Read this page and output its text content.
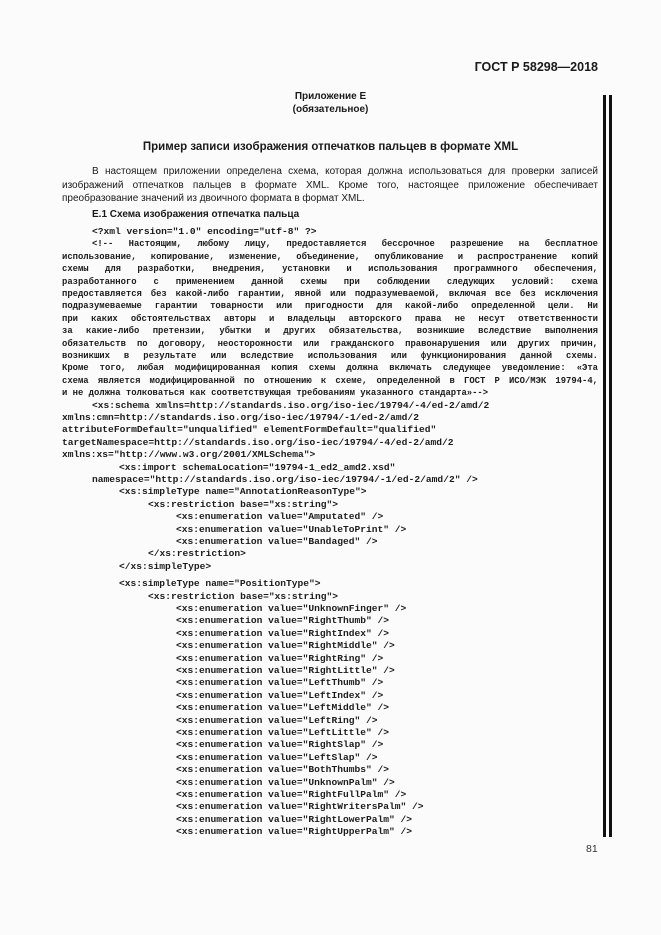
ГОСТ Р 58298—2018
Приложение Е
(обязательное)
Пример записи изображения отпечатков пальцев в формате XML
В настоящем приложении определена схема, которая должна использоваться для проверки записей изображений отпечатков пальцев в формате XML. Кроме того, настоящее приложение обеспечивает преобразование значений из двоичного формата в формат XML.
Е.1 Схема изображения отпечатка пальца
<?xml version="1.0" encoding="utf-8" ?>
<!-- Настоящим, любому лицу, предоставляется бессрочное разрешение на бесплатное
использование, копирование, изменение, объединение, опубликование и распространение копий
схемы для разработки, внедрения, установки и использования программного обеспечения,
разработанного с применением данной схемы при соблюдении следующих условий: схема
предоставляется без какой-либо гарантии, явной или подразумеваемой, включая все без исключения
подразумеваемые гарантии товарности или пригодности для какой-либо определенной цели. Ни
при каких обстоятельствах авторы и владельцы авторского права не несут ответственности
за какие-либо претензии, убытки и других обязательства, возникшие вследствие выполнения
обязательств по договору, неосторожности или гражданского правонарушения или других причин,
возникших в результате или вследствие использования или функционирования данной схемы.
Кроме того, любая модифицированная копия схемы должна включать следующее уведомление: «Эта
схема является модифицированной по отношению к схеме, определенной в ГОСТ Р ИСО/МЭК 19794-4,
и не должна толковаться как соответствующая требованиям указанного стандарта»-->
<xs:schema xmlns=http://standards.iso.org/iso-iec/19794/-4/ed-2/amd/2
xmlns:cmn=http://standards.iso.org/iso-iec/19794/-1/ed-2/amd/2
attributeFormDefault="unqualified" elementFormDefault="qualified"
targetNamespace=http://standards.iso.org/iso-iec/19794/-4/ed-2/amd/2
xmlns:xs="http://www.w3.org/2001/XMLSchema">
<xs:import schemaLocation="19794-1_ed2_amd2.xsd"
namespace="http://standards.iso.org/iso-iec/19794/-1/ed-2/amd/2" />
<xs:simpleType name="AnnotationReasonType">
<xs:restriction base="xs:string">
<xs:enumeration value="Amputated" />
<xs:enumeration value="UnableToPrint" />
<xs:enumeration value="Bandaged" />
</xs:restriction>
</xs:simpleType>
<xs:simpleType name="PositionType">
<xs:restriction base="xs:string">
<xs:enumeration value="UnknownFinger" />
<xs:enumeration value="RightThumb" />
<xs:enumeration value="RightIndex" />
<xs:enumeration value="RightMiddle" />
<xs:enumeration value="RightRing" />
<xs:enumeration value="RightLittle" />
<xs:enumeration value="LeftThumb" />
<xs:enumeration value="LeftIndex" />
<xs:enumeration value="LeftMiddle" />
<xs:enumeration value="LeftRing" />
<xs:enumeration value="LeftLittle" />
<xs:enumeration value="RightSlap" />
<xs:enumeration value="LeftSlap" />
<xs:enumeration value="BothThumbs" />
<xs:enumeration value="UnknownPalm" />
<xs:enumeration value="RightFullPalm" />
<xs:enumeration value="RightWritersPalm" />
<xs:enumeration value="RightLowerPalm" />
<xs:enumeration value="RightUpperPalm" />
81
